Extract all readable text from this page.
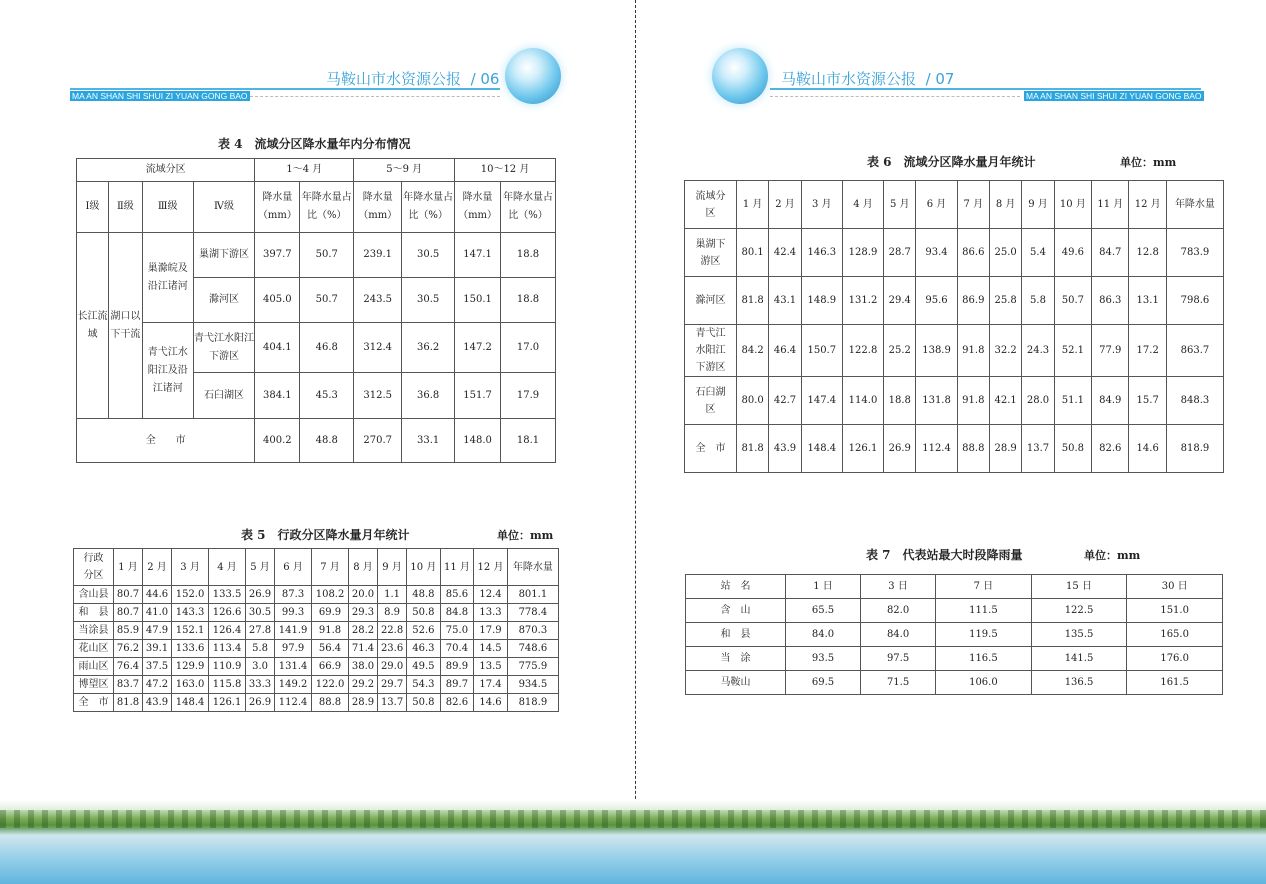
马鞍山市水资源公报 / 06
MA AN SHAN SHI SHUI ZI YUAN GONG BAO
马鞍山市水资源公报 / 07
MA AN SHAN SHI SHUI ZI YUAN GONG BAO
表 4　流域分区降水量年内分布情况
流域分区				1～4 月		5～9 月		10～12 月	
Ⅰ级	Ⅱ级	Ⅲ级	Ⅳ级	降水量（mm）	年降水量占比（%）	降水量（mm）	年降水量占比（%）	降水量（mm）	年降水量占比（%）
长江流域	湖口以下干流	巢滁皖及沿江诸河	巢湖下游区	397.7	50.7	239.1	30.5	147.1	18.8
			滁河区	405.0	50.7	243.5	30.5	150.1	18.8
		青弋江水阳江及沿江诸河	青弋江水阳江下游区	404.1	46.8	312.4	36.2	147.2	17.0
			石臼湖区	384.1	45.3	312.5	36.8	151.7	17.9
全　　市				400.2	48.8	270.7	33.1	148.0	18.1
表 5　行政分区降水量月年统计	单位：mm
行政分区	1 月	2 月	3 月	4 月	5 月	6 月	7 月	8 月	9 月	10 月	11 月	12 月	年降水量
含山县	80.7	44.6	152.0	133.5	26.9	87.3	108.2	20.0	1.1	48.8	85.6	12.4	801.1
和　县	80.7	41.0	143.3	126.6	30.5	99.3	69.9	29.3	8.9	50.8	84.8	13.3	778.4
当涂县	85.9	47.9	152.1	126.4	27.8	141.9	91.8	28.2	22.8	52.6	75.0	17.9	870.3
花山区	76.2	39.1	133.6	113.4	5.8	97.9	56.4	71.4	23.6	46.3	70.4	14.5	748.6
雨山区	76.4	37.5	129.9	110.9	3.0	131.4	66.9	38.0	29.0	49.5	89.9	13.5	775.9
博望区	83.7	47.2	163.0	115.8	33.3	149.2	122.0	29.2	29.7	54.3	89.7	17.4	934.5
全　市	81.8	43.9	148.4	126.1	26.9	112.4	88.8	28.9	13.7	50.8	82.6	14.6	818.9
表 6　流域分区降水量月年统计	单位：mm
流域分区	1 月	2 月	3 月	4 月	5 月	6 月	7 月	8 月	9 月	10 月	11 月	12 月	年降水量
巢湖下游区	80.1	42.4	146.3	128.9	28.7	93.4	86.6	25.0	5.4	49.6	84.7	12.8	783.9
滁河区	81.8	43.1	148.9	131.2	29.4	95.6	86.9	25.8	5.8	50.7	86.3	13.1	798.6
青弋江水阳江下游区	84.2	46.4	150.7	122.8	25.2	138.9	91.8	32.2	24.3	52.1	77.9	17.2	863.7
石臼湖区	80.0	42.7	147.4	114.0	18.8	131.8	91.8	42.1	28.0	51.1	84.9	15.7	848.3
全　市	81.8	43.9	148.4	126.1	26.9	112.4	88.8	28.9	13.7	50.8	82.6	14.6	818.9
表 7　代表站最大时段降雨量	单位：mm
站　名	1 日	3 日	7 日	15 日	30 日
含　山	65.5	82.0	111.5	122.5	151.0
和　县	84.0	84.0	119.5	135.5	165.0
当　涂	93.5	97.5	116.5	141.5	176.0
马鞍山	69.5	71.5	106.0	136.5	161.5
